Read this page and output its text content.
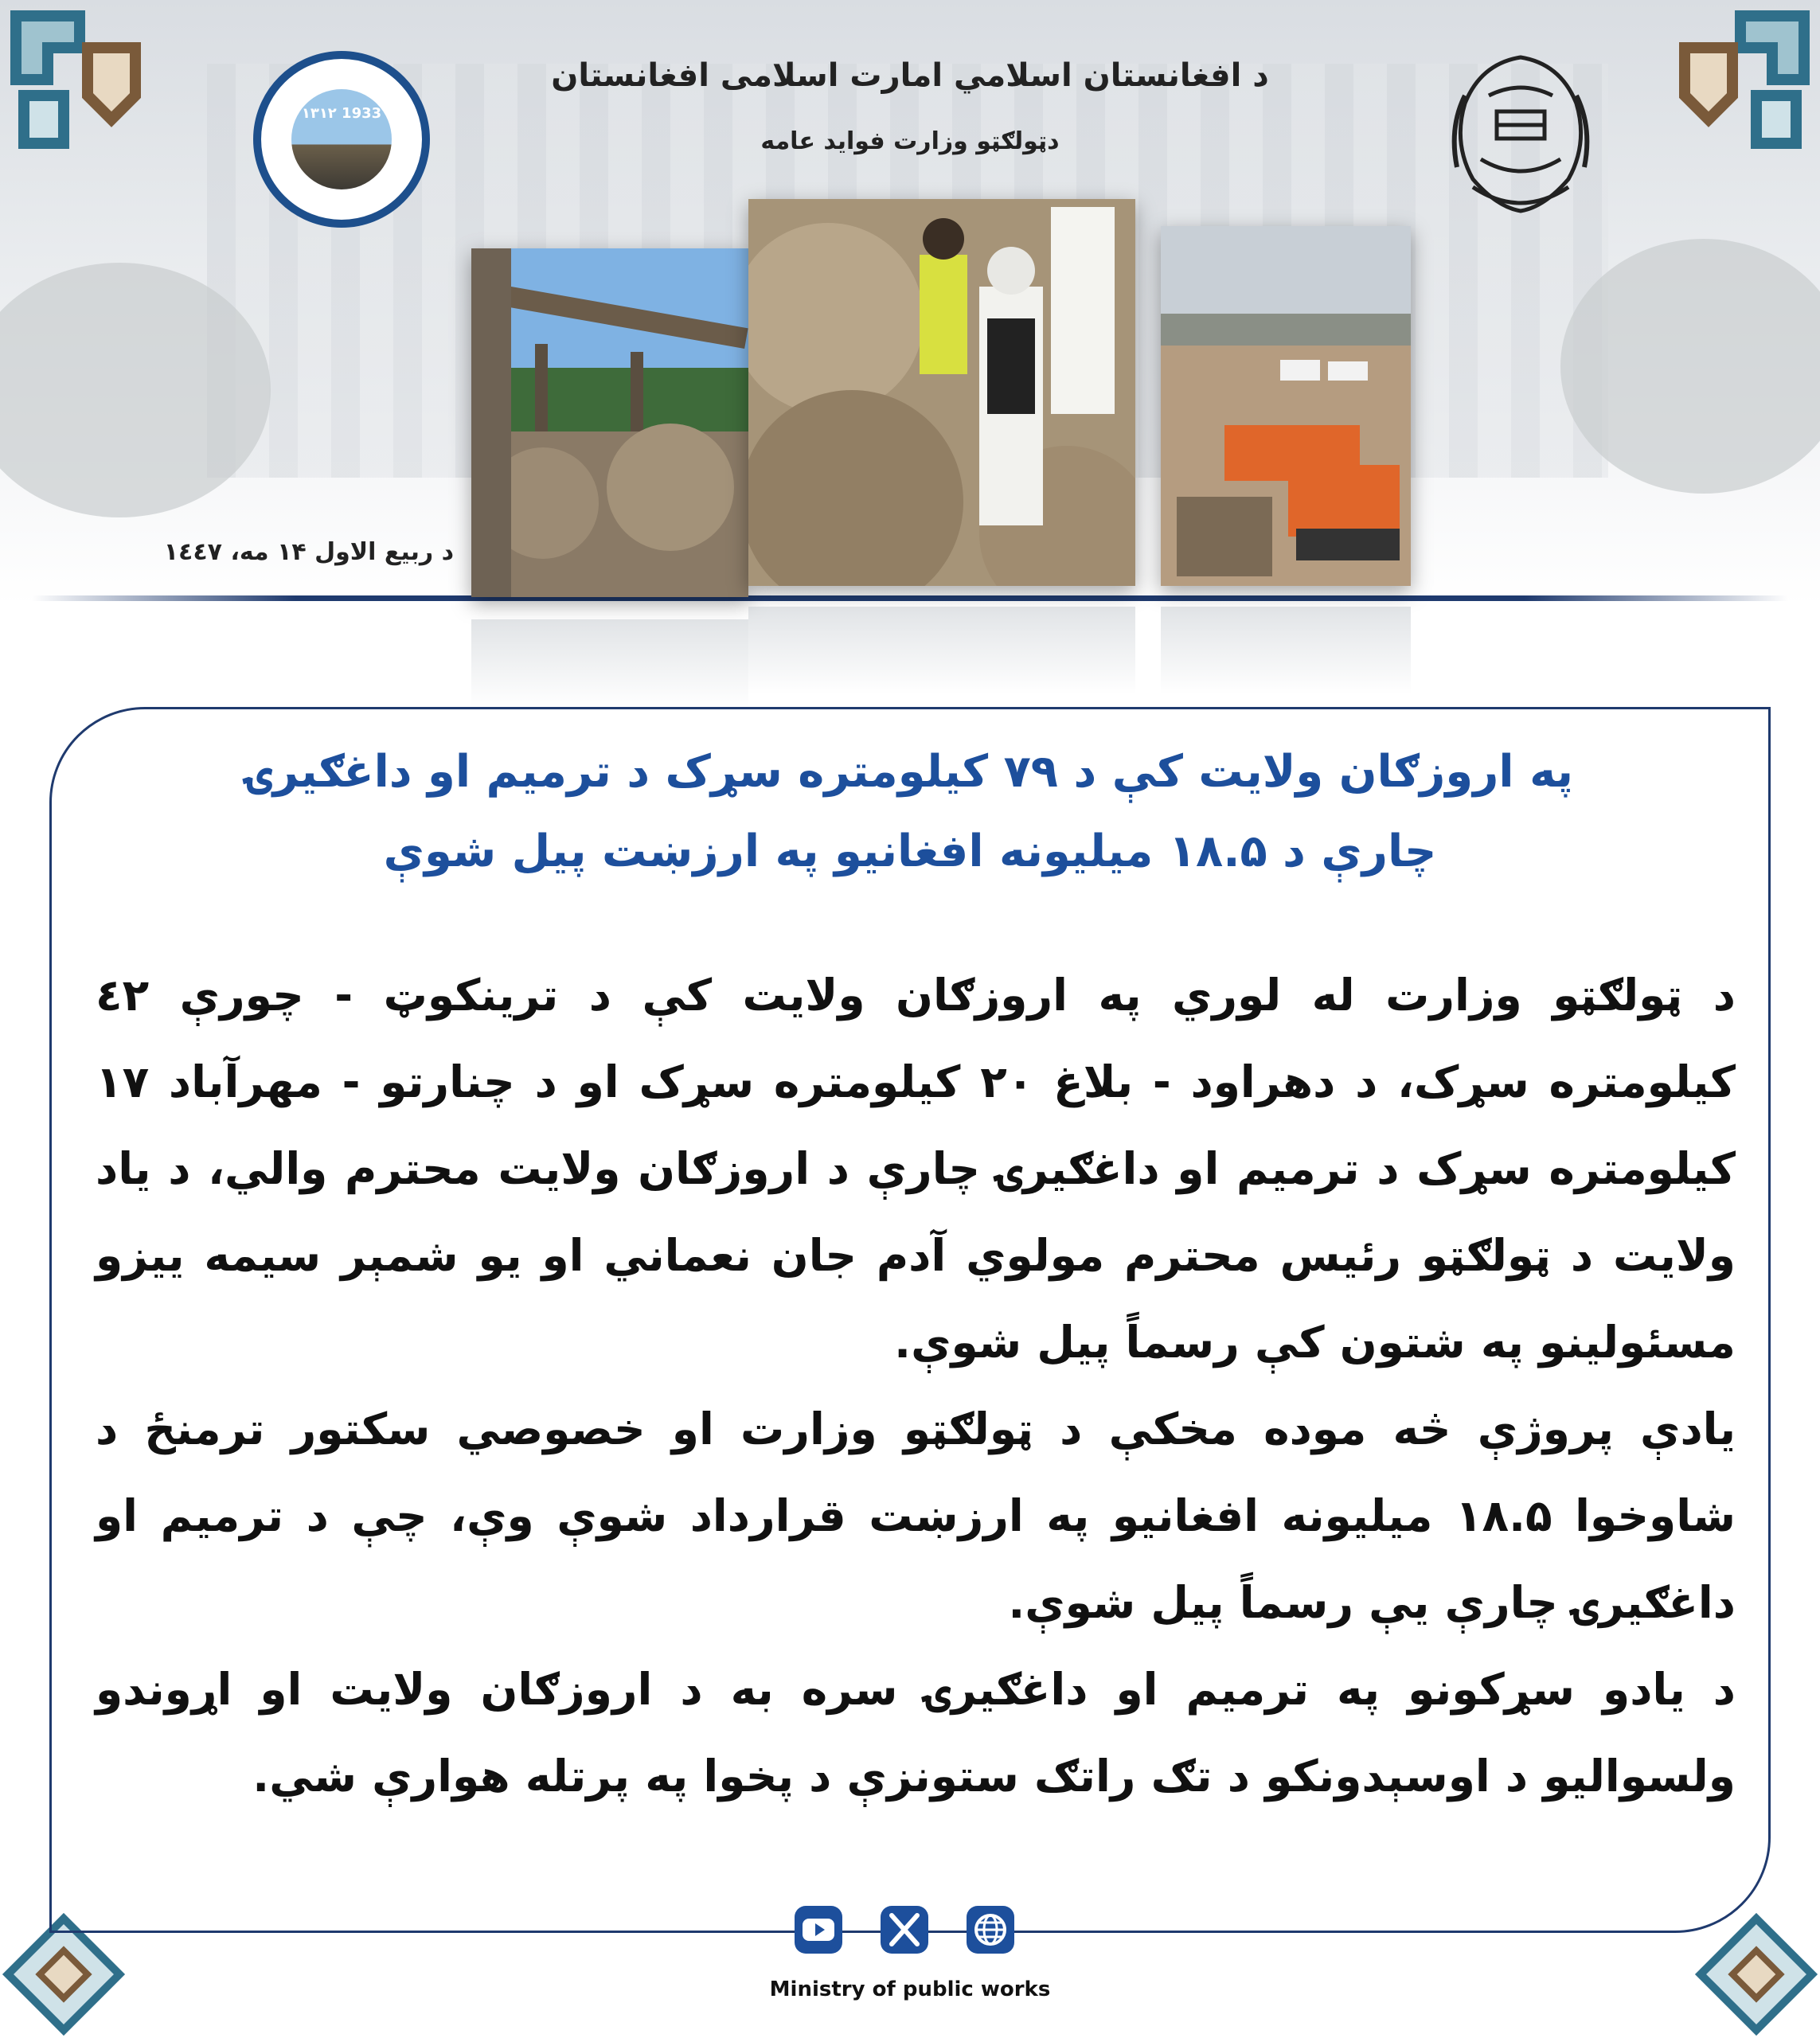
۱۳۱۲ 1933
د افغانستان اسلامي امارت اسلامی افغانستان
دټولګټو وزارت فواید عامه
د ربیع الاول ۱۴ مه، ۱٤٤٧
په اروزګان ولایت کې د ۷۹ کیلومتره سړک د ترمیم او داغګیرۍ
چارې د ۱۸.۵ میلیونه افغانیو په ارزښت پیل شوې

د ټولګټو وزارت له لوري په اروزګان ولایت کې د ترینکوټ - چورې ٤٢ کیلومتره سړک، د دهراود - بلاغ ۲۰ کیلومتره سړک او د چنارتو - مهرآباد ۱۷ کیلومتره سړک د ترمیم او داغګیرۍ چارې د اروزګان ولایت محترم والي، د یاد ولایت د ټولګټو رئیس محترم مولوي آدم جان نعماني او یو شمېر سیمه ییزو مسئولینو په شتون کې رسماً پیل شوې.

یادې پروژې څه موده مخکې د ټولګټو وزارت او خصوصي سکتور ترمنځ د شاوخوا ۱۸.۵ میلیونه افغانیو په ارزښت قرارداد شوې وې، چې د ترمیم او داغګیرۍ چارې یې رسماً پیل شوې.

د یادو سړکونو په ترمیم او داغګیرۍ سره به د اروزګان ولایت او اړوندو ولسوالیو د اوسېدونکو د تګ راتګ ستونزې د پخوا په پرتله هوارې شي.

Ministry of public works
